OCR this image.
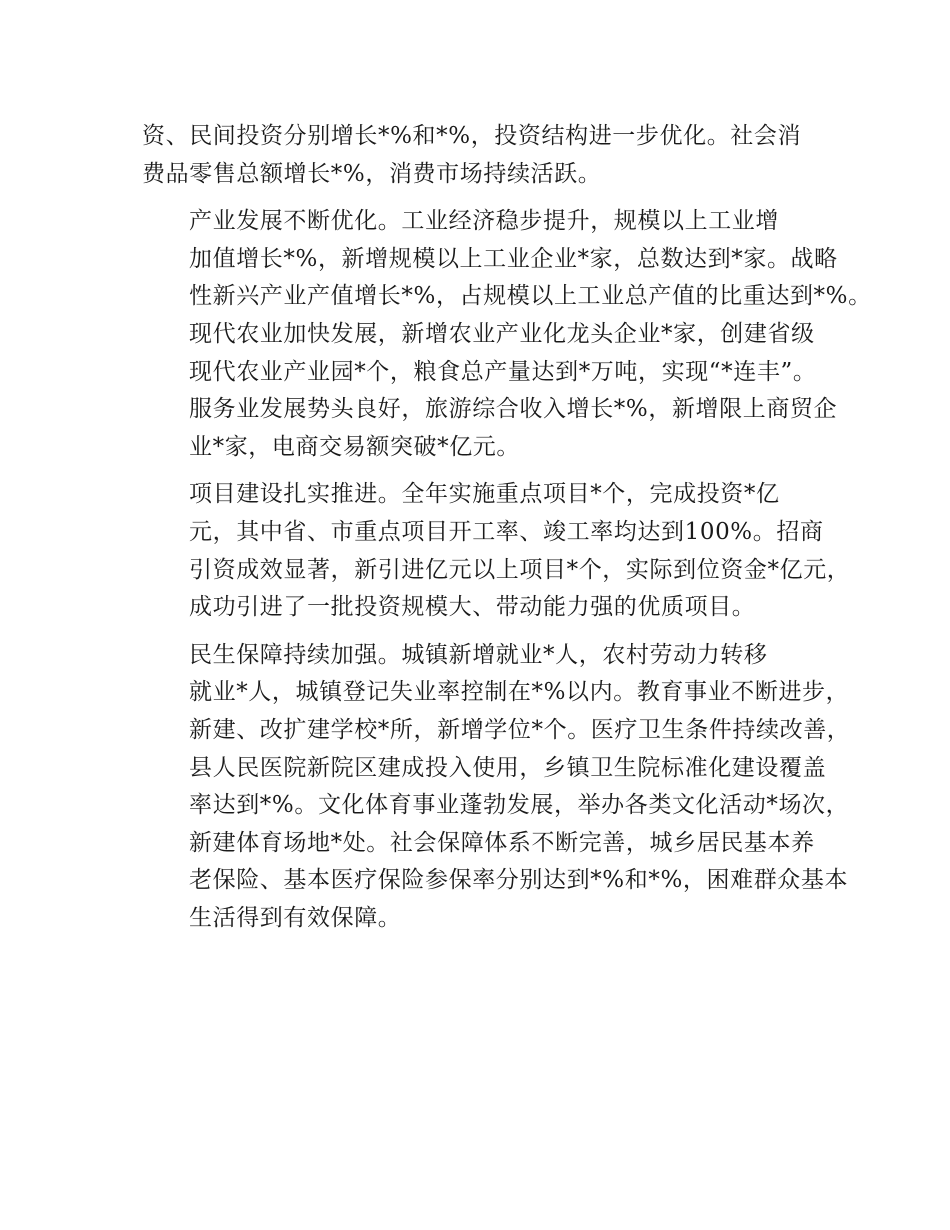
资、民间投资分别增长*%和*%，投资结构进一步优化。社会消
费品零售总额增长*%，消费市场持续活跃。
产业发展不断优化。工业经济稳步提升，规模以上工业增
加值增长*%，新增规模以上工业企业*家，总数达到*家。战略
性新兴产业产值增长*%，占规模以上工业总产值的比重达到*%。
现代农业加快发展，新增农业产业化龙头企业*家，创建省级
现代农业产业园*个，粮食总产量达到*万吨，实现“*连丰”。
服务业发展势头良好，旅游综合收入增长*%，新增限上商贸企
业*家，电商交易额突破*亿元。
项目建设扎实推进。全年实施重点项目*个，完成投资*亿
元，其中省、市重点项目开工率、竣工率均达到100%。招商
引资成效显著，新引进亿元以上项目*个，实际到位资金*亿元，
成功引进了一批投资规模大、带动能力强的优质项目。
民生保障持续加强。城镇新增就业*人，农村劳动力转移
就业*人，城镇登记失业率控制在*%以内。教育事业不断进步，
新建、改扩建学校*所，新增学位*个。医疗卫生条件持续改善，
县人民医院新院区建成投入使用，乡镇卫生院标准化建设覆盖
率达到*%。文化体育事业蓬勃发展，举办各类文化活动*场次，
新建体育场地*处。社会保障体系不断完善，城乡居民基本养
老保险、基本医疗保险参保率分别达到*%和*%，困难群众基本
生活得到有效保障。
